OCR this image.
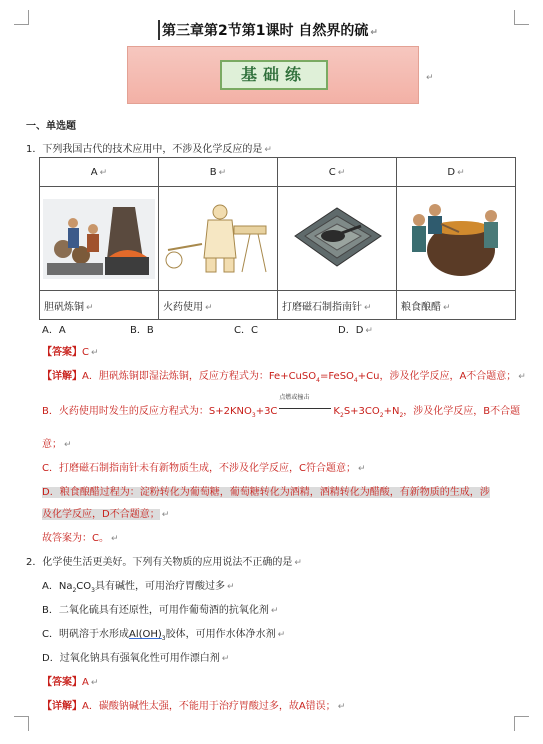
第三章第2节第1课时 自然界的硫 ↵
基础练	↵
一、单选题
1．下列我国古代的技术应用中，不涉及化学反应的是 ↵
A ↵	B ↵	C ↵	D ↵

胆矾炼铜 ↵	火药使用 ↵	打磨磁石制指南针 ↵	粮食酿醋 ↵
A．A	B．B	C．C	D．D ↵
【答案】C ↵
【详解】A．胆矾炼铜即湿法炼铜，反应方程式为：Fe+CuSO$_4$=FeSO$_4$+Cu，涉及化学反应，A不合题意； ↵
B．火药使用时发生的反应方程式为：$S+2KNO_3+3C$
点燃或撞击
$K_2S+3CO_2+N_2$，涉及化学反应，B不合题
意； ↵
C．打磨磁石制指南针未有新物质生成，不涉及化学反应，C符合题意； ↵
D．粮食酿醋过程为：淀粉转化为葡萄糖，葡萄糖转化为酒精，酒精转化为醋酸，有新物质的生成，涉
及化学反应，D不合题意； ↵
故答案为：C。 ↵
2．化学使生活更美好。下列有关物质的应用说法不正确的是 ↵
A．$Na_2CO_3$具有碱性，可用治疗胃酸过多 ↵
B．二氧化硫具有还原性，可用作葡萄酒的抗氧化剂 ↵
C．明矾溶于水形成$Al(OH)_3$胶体，可用作水体净水剂 ↵
D．过氧化钠具有强氧化性可用作漂白剂 ↵
【答案】A ↵
【详解】A．碳酸钠碱性太强，不能用于治疗胃酸过多，故A错误； ↵
